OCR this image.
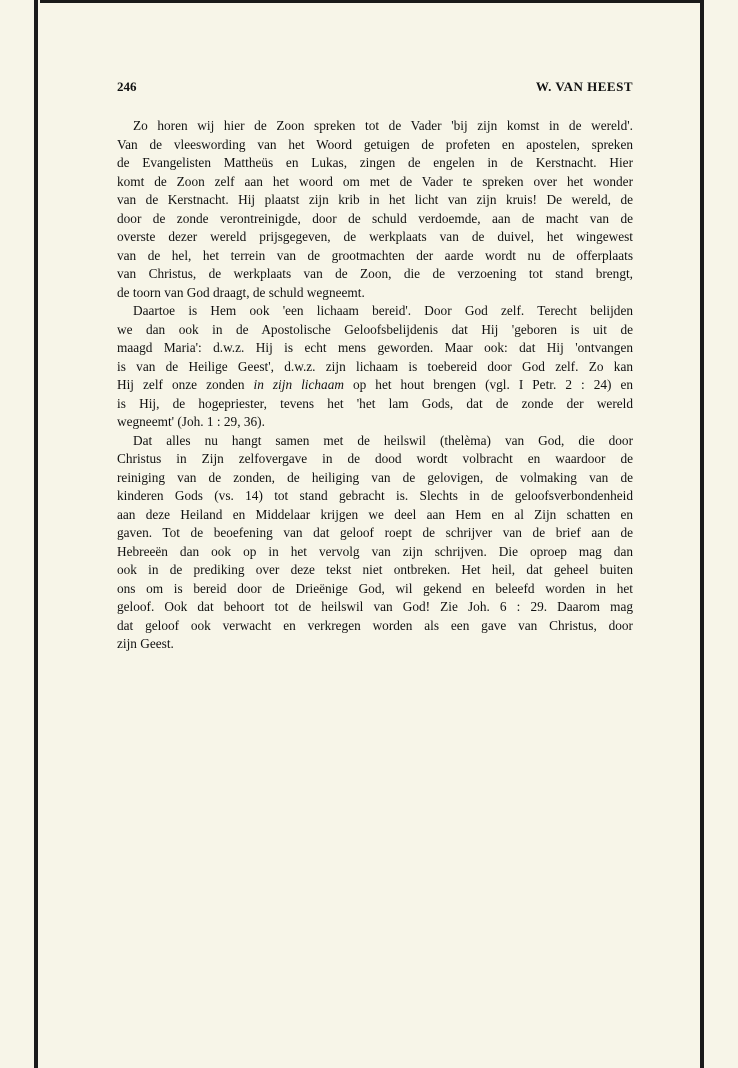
246	W. VAN HEEST
Zo horen wij hier de Zoon spreken tot de Vader 'bij zijn komst in de wereld'.
Van de vleeswording van het Woord getuigen de profeten en apostelen, spreken
de Evangelisten Mattheüs en Lukas, zingen de engelen in de Kerstnacht. Hier
komt de Zoon zelf aan het woord om met de Vader te spreken over het wonder
van de Kerstnacht. Hij plaatst zijn krib in het licht van zijn kruis! De wereld, de
door de zonde verontreinigde, door de schuld verdoemde, aan de macht van de
overste dezer wereld prijsgegeven, de werkplaats van de duivel, het wingewest
van de hel, het terrein van de grootmachten der aarde wordt nu de offerplaats
van Christus, de werkplaats van de Zoon, die de verzoening tot stand brengt,
de toorn van God draagt, de schuld wegneemt.
Daartoe is Hem ook 'een lichaam bereid'. Door God zelf. Terecht belijden
we dan ook in de Apostolische Geloofsbelijdenis dat Hij 'geboren is uit de
maagd Maria': d.w.z. Hij is echt mens geworden. Maar ook: dat Hij 'ontvangen
is van de Heilige Geest', d.w.z. zijn lichaam is toebereid door God zelf. Zo kan
Hij zelf onze zonden in zijn lichaam op het hout brengen (vgl. I Petr. 2 : 24) en
is Hij, de hogepriester, tevens het 'het lam Gods, dat de zonde der wereld
wegneemt' (Joh. 1 : 29, 36).
Dat alles nu hangt samen met de heilswil (thelèma) van God, die door
Christus in Zijn zelfovergave in de dood wordt volbracht en waardoor de
reiniging van de zonden, de heiliging van de gelovigen, de volmaking van de
kinderen Gods (vs. 14) tot stand gebracht is. Slechts in de geloofsverbondenheid
aan deze Heiland en Middelaar krijgen we deel aan Hem en al Zijn schatten en
gaven. Tot de beoefening van dat geloof roept de schrijver van de brief aan de
Hebreeën dan ook op in het vervolg van zijn schrijven. Die oproep mag dan
ook in de prediking over deze tekst niet ontbreken. Het heil, dat geheel buiten
ons om is bereid door de Drieënige God, wil gekend en beleefd worden in het
geloof. Ook dat behoort tot de heilswil van God! Zie Joh. 6 : 29. Daarom mag
dat geloof ook verwacht en verkregen worden als een gave van Christus, door
zijn Geest.
